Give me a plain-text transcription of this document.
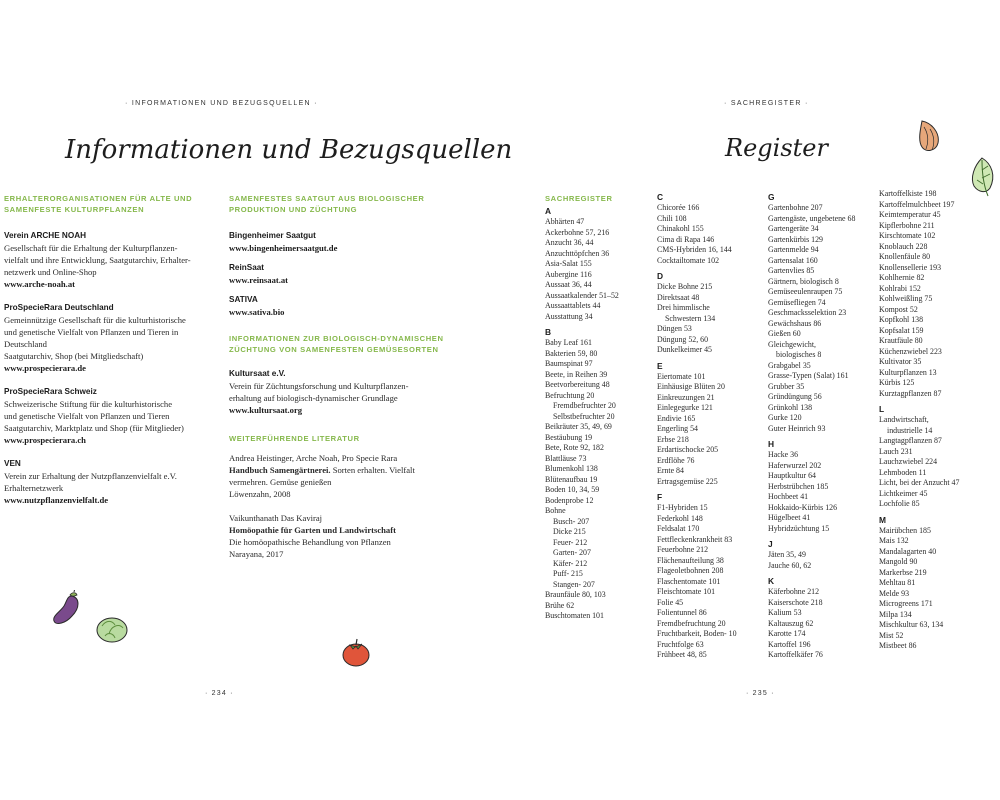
· INFORMATIONEN UND BEZUGSQUELLEN ·
Informationen und Bezugsquellen
ERHALTERORGANISATIONEN FÜR ALTE UND SAMENFESTE KULTURPFLANZEN
Verein ARCHE NOAH
Gesellschaft für die Erhaltung der Kulturpflanzen-
vielfalt und ihre Entwicklung, Saatgutarchiv, Erhalter-
netzwerk und Online-Shop
www.arche-noah.at
ProSpecieRara Deutschland
Gemeinnützige Gesellschaft für die kulturhistorische
und genetische Vielfalt von Pflanzen und Tieren in
Deutschland
Saatgutarchiv, Shop (bei Mitgliedschaft)
www.prospecierara.de
ProSpecieRara Schweiz
Schweizerische Stiftung für die kulturhistorische
und genetische Vielfalt von Pflanzen und Tieren
Saatgutarchiv, Marktplatz und Shop (für Mitglieder)
www.prospecierara.ch
VEN
Verein zur Erhaltung der Nutzpflanzenvielfalt e.V.
Erhalternetzwerk
www.nutzpflanzenvielfalt.de
SAMENFESTES SAATGUT AUS BIOLOGISCHER PRODUKTION UND ZÜCHTUNG
Bingenheimer Saatgut
www.bingenheimersaatgut.de
ReinSaat
www.reinsaat.at
SATIVA
www.sativa.bio
INFORMATIONEN ZUR BIOLOGISCH-DYNAMISCHEN ZÜCHTUNG VON SAMENFESTEN GEMÜSESORTEN
Kultursaat e.V.
Verein für Züchtungsforschung und Kulturpflanzen-
erhaltung auf biologisch-dynamischer Grundlage
www.kultursaat.org
WEITERFÜHRENDE LITERATUR
Andrea Heistinger, Arche Noah, Pro Specie Rara
Handbuch Samengärtnerei. Sorten erhalten. Vielfalt
vermehren. Gemüse genießen
Löwenzahn, 2008
Vaikunthanath Das Kaviraj
Homöopathie für Garten und Landwirtschaft
Die homöopathische Behandlung von Pflanzen
Narayana, 2017
· 234 ·
· SACHREGISTER ·
Register
SACHREGISTER
A
Abhärten 47
Ackerbohne 57, 216
Anzucht 36, 44
Anzuchttöpfchen 36
Asia-Salat 155
Aubergine 116
Aussaat 36, 44
Aussaatkalender 51–52
Aussaattablets 44
Ausstattung 34
B
Baby Leaf 161
Bakterien 59, 80
Baumspinat 97
Beete, in Reihen 39
Beetvorbereitung 48
Befruchtung 20
Fremdbefruchter 20
Selbstbefruchter 20
Beikräuter 35, 49, 69
Bestäubung 19
Bete, Rote 92, 182
Blattläuse 73
Blumenkohl 138
Blütenaufbau 19
Boden 10, 34, 59
Bodenprobe 12
Bohne
Busch- 207
Dicke 215
Feuer- 212
Garten- 207
Käfer- 212
Puff- 215
Stangen- 207
Braunfäule 80, 103
Brühe 62
Buschtomaten 101
C
Chicorée 166
Chili 108
Chinakohl 155
Cima di Rapa 146
CMS-Hybriden 16, 144
Cocktailtomate 102
D
Dicke Bohne 215
Direktsaat 48
Drei himmlische
Schwestern 134
Düngen 53
Düngung 52, 60
Dunkelkeimer 45
E
Eiertomate 101
Einhäusige Blüten 20
Einkreuzungen 21
Einlegegurke 121
Endivie 165
Engerling 54
Erbse 218
Erdartischocke 205
Erdflöhe 76
Ernte 84
Ertragsgemüse 225
F
F1-Hybriden 15
Federkohl 148
Feldsalat 170
Fettfleckenkrankheit 83
Feuerbohne 212
Flächenaufteilung 38
Flageoletbohnen 208
Flaschentomate 101
Fleischtomate 101
Folie 45
Folientunnel 86
Fremdbefruchtung 20
Fruchtbarkeit, Boden- 10
Fruchtfolge 63
Frühbeet 48, 85
G
Gartenbohne 207
Gartengäste, ungebetene 68
Gartengeräte 34
Gartenkürbis 129
Gartenmelde 94
Gartensalat 160
Gartenvlies 85
Gärtnern, biologisch 8
Gemüseeulenraupen 75
Gemüsefliegen 74
Geschmacksselektion 23
Gewächshaus 86
Gießen 60
Gleichgewicht,
biologisches 8
Grabgabel 35
Grasse-Typen (Salat) 161
Grubber 35
Gründüngung 56
Grünkohl 138
Gurke 120
Guter Heinrich 93
H
Hacke 36
Haferwurzel 202
Hauptkultur 64
Herbstrübchen 185
Hochbeet 41
Hokkaido-Kürbis 126
Hügelbeet 41
Hybridzüchtung 15
J
Jäten 35, 49
Jauche 60, 62
K
Käferbohne 212
Kaiserschote 218
Kalium 53
Kaltauszug 62
Karotte 174
Kartoffel 196
Kartoffelkäfer 76
Kartoffelkiste 198
Kartoffelmulchbeet 197
Keimtemperatur 45
Kipflerbohne 211
Kirschtomate 102
Knoblauch 228
Knollenfäule 80
Knollensellerie 193
Kohlhernie 82
Kohlrabi 152
Kohlweißling 75
Kompost 52
Kopfkohl 138
Kopfsalat 159
Krautfäule 80
Küchenzwiebel 223
Kultivator 35
Kulturpflanzen 13
Kürbis 125
Kurztagpflanzen 87
L
Landwirtschaft,
industrielle 14
Langtagpflanzen 87
Lauch 231
Lauchzwiebel 224
Lehmboden 11
Licht, bei der Anzucht 47
Lichtkeimer 45
Lochfolie 85
M
Mairübchen 185
Mais 132
Mandalagarten 40
Mangold 90
Markerbse 219
Mehltau 81
Melde 93
Microgreens 171
Milpa 134
Mischkultur 63, 134
Mist 52
Mistbeet 86
· 235 ·
